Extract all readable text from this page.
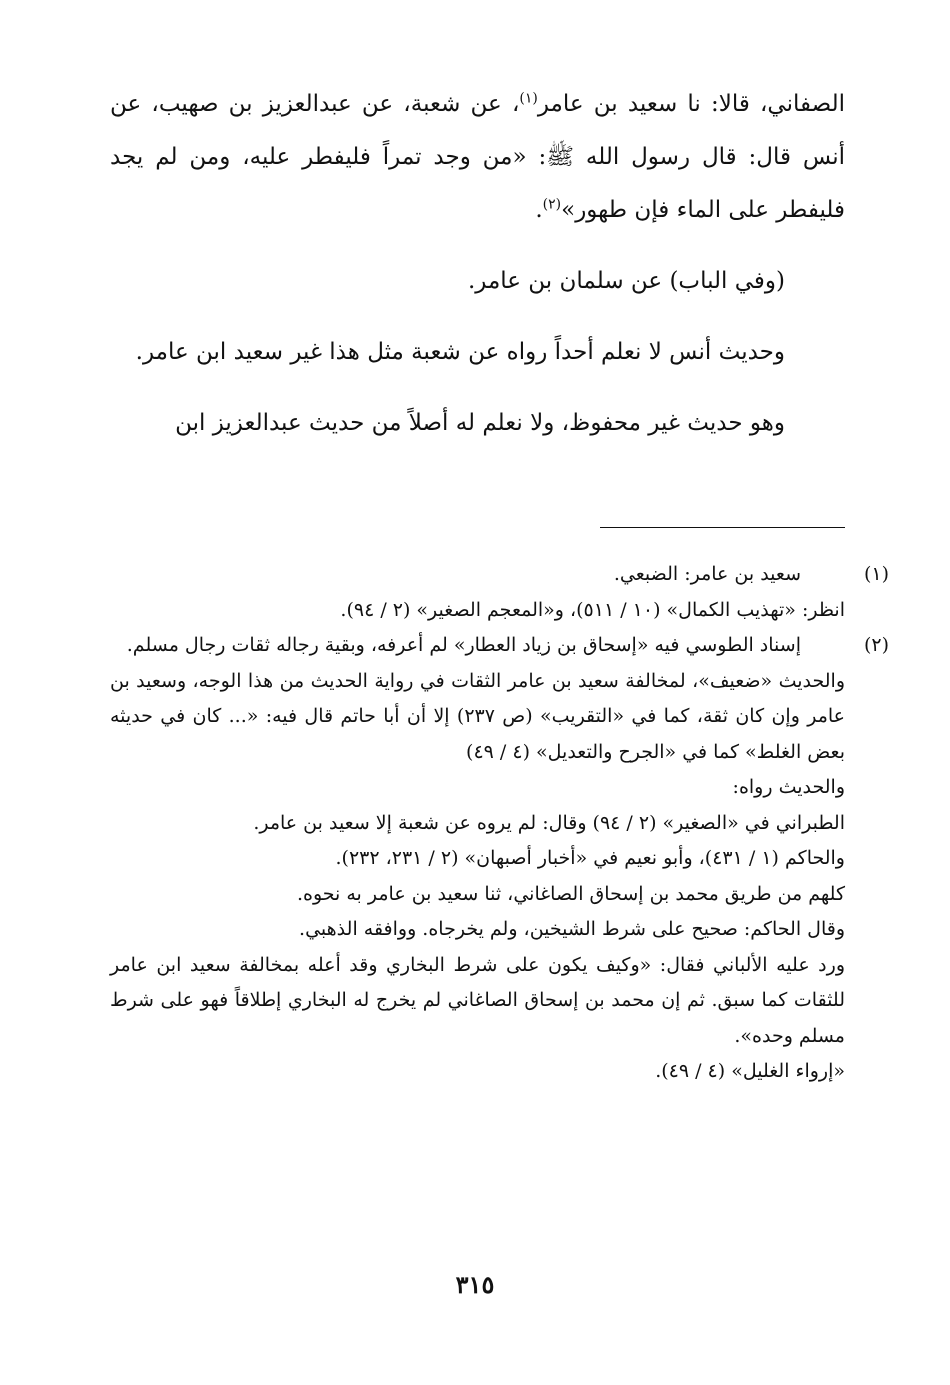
الصفاني، قالا: نا سعيد بن عامر$^{(١)}$، عن شعبة، عن عبدالعزيز بن صهيب، عن أنس قال: قال رسول الله ﷺ: «من وجد تمراً فليفطر عليه، ومن لم يجد فليفطر على الماء فإن طهور»$^{(٢)}$.

(وفي الباب) عن سلمان بن عامر.

وحديث أنس لا نعلم أحداً رواه عن شعبة مثل هذا غير سعيد ابن عامر.

وهو حديث غير محفوظ، ولا نعلم له أصلاً من حديث عبدالعزيز ابن

(١)سعيد بن عامر: الضبعي.

انظر: «تهذيب الكمال» (١٠ / ٥١١)، و«المعجم الصغير» (٢ / ٩٤).

(٢)إسناد الطوسي فيه «إسحاق بن زياد العطار» لم أعرفه، وبقية رجاله ثقات رجال مسلم.

والحديث «ضعيف»، لمخالفة سعيد بن عامر الثقات في رواية الحديث من هذا الوجه، وسعيد بن عامر وإن كان ثقة، كما في «التقريب» (ص ٢٣٧) إلا أن أبا حاتم قال فيه: «... كان في حديثه بعض الغلط» كما في «الجرح والتعديل» (٤ / ٤٩)

والحديث رواه:

الطبراني في «الصغير» (٢ / ٩٤) وقال: لم يروه عن شعبة إلا سعيد بن عامر.

والحاكم (١ / ٤٣١)، وأبو نعيم في «أخبار أصبهان» (٢ / ٢٣١، ٢٣٢).

كلهم من طريق محمد بن إسحاق الصاغاني، ثنا سعيد بن عامر به نحوه.

وقال الحاكم: صحيح على شرط الشيخين، ولم يخرجاه. ووافقه الذهبي.

ورد عليه الألباني فقال: «وكيف يكون على شرط البخاري وقد أعله بمخالفة سعيد ابن عامر للثقات كما سبق. ثم إن محمد بن إسحاق الصاغاني لم يخرج له البخاري إطلاقاً فهو على شرط مسلم وحده».

«إرواء الغليل» (٤ / ٤٩).

٣١٥
